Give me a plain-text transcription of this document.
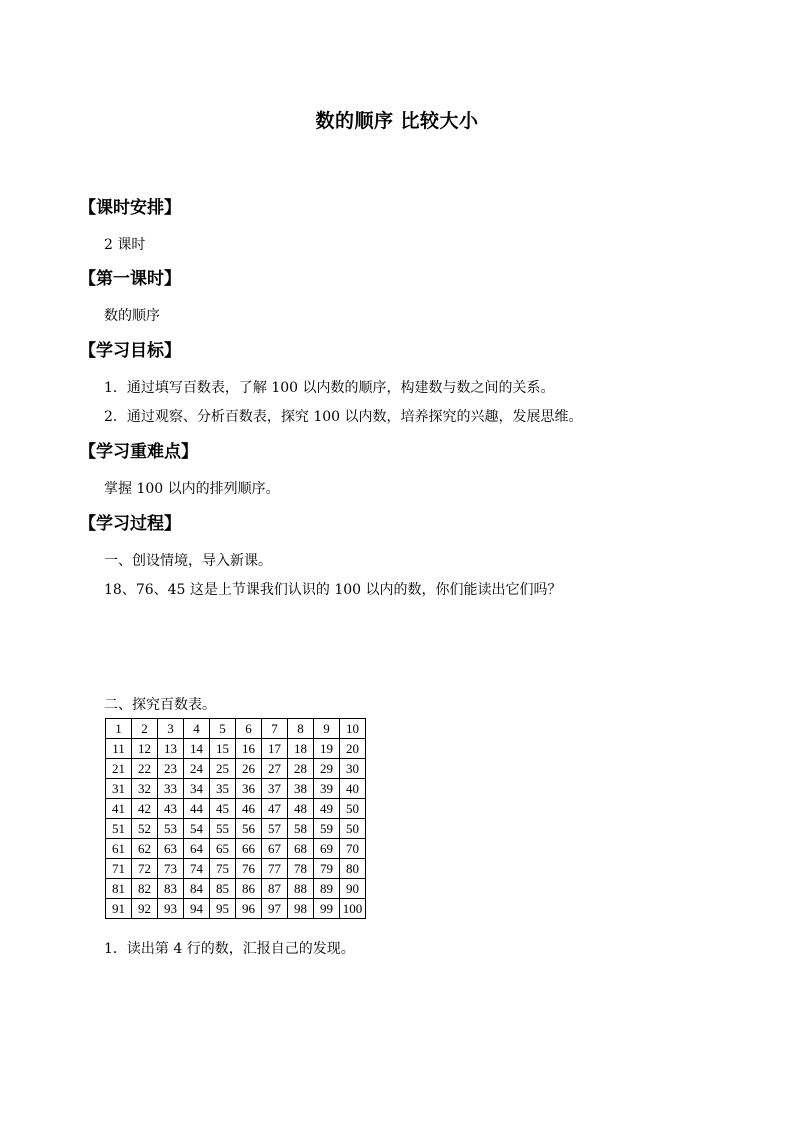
数的顺序 比较大小
【课时安排】
2 课时
【第一课时】
数的顺序
【学习目标】
1．通过填写百数表，了解 100 以内数的顺序，构建数与数之间的关系。
2．通过观察、分析百数表，探究 100 以内数，培养探究的兴趣，发展思维。
【学习重难点】
掌握 100 以内的排列顺序。
【学习过程】
一、创设情境，导入新课。
18、76、45 这是上节课我们认识的 100 以内的数，你们能读出它们吗？
二、探究百数表。
1	2	3	4	5	6	7	8	9	10
11	12	13	14	15	16	17	18	19	20
21	22	23	24	25	26	27	28	29	30
31	32	33	34	35	36	37	38	39	40
41	42	43	44	45	46	47	48	49	50
51	52	53	54	55	56	57	58	59	50
61	62	63	64	65	66	67	68	69	70
71	72	73	74	75	76	77	78	79	80
81	82	83	84	85	86	87	88	89	90
91	92	93	94	95	96	97	98	99	100
1．读出第 4 行的数，汇报自己的发现。
